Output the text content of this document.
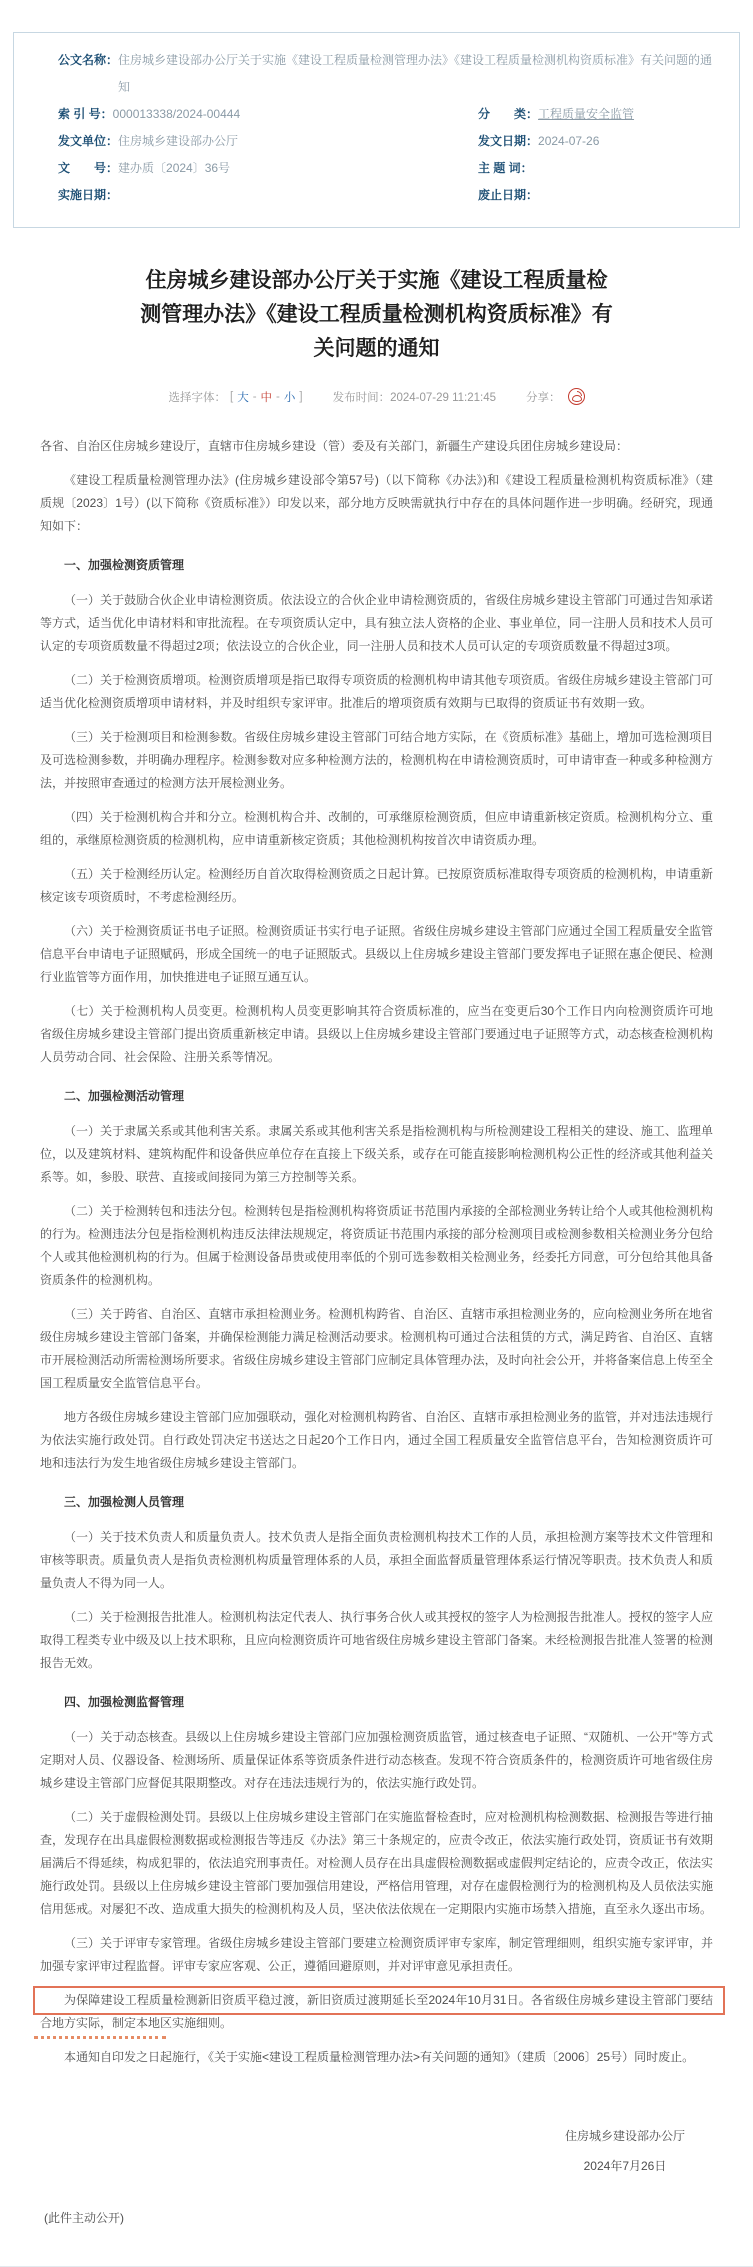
公文名称： 住房城乡建设部办公厅关于实施《建设工程质量检测管理办法》《建设工程质量检测机构资质标准》有关问题的通知
索 引 号： 000013338/2024-00444
发文单位： 住房城乡建设部办公厅
文　　号： 建办质〔2024〕36号
实施日期：
分　　类： 工程质量安全监管
发文日期： 2024-07-26
主 题 词：
废止日期：
住房城乡建设部办公厅关于实施《建设工程质量检测管理办法》《建设工程质量检测机构资质标准》有关问题的通知
选择字体： [ 大 - 中 - 小 ]	发布时间：2024-07-29 11:21:45	分享：

各省、自治区住房城乡建设厅，直辖市住房城乡建设（管）委及有关部门，新疆生产建设兵团住房城乡建设局：

《建设工程质量检测管理办法》(住房城乡建设部令第57号)（以下简称《办法》)和《建设工程质量检测机构资质标准》（建质规〔2023〕1号）(以下简称《资质标准》）印发以来，部分地方反映需就执行中存在的具体问题作进一步明确。经研究，现通知如下：

一、加强检测资质管理

（一）关于鼓励合伙企业申请检测资质。依法设立的合伙企业申请检测资质的，省级住房城乡建设主管部门可通过告知承诺等方式，适当优化申请材料和审批流程。在专项资质认定中，具有独立法人资格的企业、事业单位，同一注册人员和技术人员可认定的专项资质数量不得超过2项；依法设立的合伙企业，同一注册人员和技术人员可认定的专项资质数量不得超过3项。

（二）关于检测资质增项。检测资质增项是指已取得专项资质的检测机构申请其他专项资质。省级住房城乡建设主管部门可适当优化检测资质增项申请材料，并及时组织专家评审。批准后的增项资质有效期与已取得的资质证书有效期一致。

（三）关于检测项目和检测参数。省级住房城乡建设主管部门可结合地方实际，在《资质标准》基础上，增加可选检测项目及可选检测参数，并明确办理程序。检测参数对应多种检测方法的，检测机构在申请检测资质时，可申请审查一种或多种检测方法，并按照审查通过的检测方法开展检测业务。

（四）关于检测机构合并和分立。检测机构合并、改制的，可承继原检测资质，但应申请重新核定资质。检测机构分立、重组的，承继原检测资质的检测机构，应申请重新核定资质；其他检测机构按首次申请资质办理。

（五）关于检测经历认定。检测经历自首次取得检测资质之日起计算。已按原资质标准取得专项资质的检测机构，申请重新核定该专项资质时，不考虑检测经历。

（六）关于检测资质证书电子证照。检测资质证书实行电子证照。省级住房城乡建设主管部门应通过全国工程质量安全监管信息平台申请电子证照赋码，形成全国统一的电子证照版式。县级以上住房城乡建设主管部门要发挥电子证照在惠企便民、检测行业监管等方面作用，加快推进电子证照互通互认。

（七）关于检测机构人员变更。检测机构人员变更影响其符合资质标准的，应当在变更后30个工作日内向检测资质许可地省级住房城乡建设主管部门提出资质重新核定申请。县级以上住房城乡建设主管部门要通过电子证照等方式，动态核查检测机构人员劳动合同、社会保险、注册关系等情况。

二、加强检测活动管理

（一）关于隶属关系或其他利害关系。隶属关系或其他利害关系是指检测机构与所检测建设工程相关的建设、施工、监理单位，以及建筑材料、建筑构配件和设备供应单位存在直接上下级关系，或存在可能直接影响检测机构公正性的经济或其他利益关系等。如，参股、联营、直接或间接同为第三方控制等关系。

（二）关于检测转包和违法分包。检测转包是指检测机构将资质证书范围内承接的全部检测业务转让给个人或其他检测机构的行为。检测违法分包是指检测机构违反法律法规规定，将资质证书范围内承接的部分检测项目或检测参数相关检测业务分包给个人或其他检测机构的行为。但属于检测设备昂贵或使用率低的个别可选参数相关检测业务，经委托方同意，可分包给其他具备资质条件的检测机构。

（三）关于跨省、自治区、直辖市承担检测业务。检测机构跨省、自治区、直辖市承担检测业务的，应向检测业务所在地省级住房城乡建设主管部门备案，并确保检测能力满足检测活动要求。检测机构可通过合法租赁的方式，满足跨省、自治区、直辖市开展检测活动所需检测场所要求。省级住房城乡建设主管部门应制定具体管理办法，及时向社会公开，并将备案信息上传至全国工程质量安全监管信息平台。

地方各级住房城乡建设主管部门应加强联动，强化对检测机构跨省、自治区、直辖市承担检测业务的监管，并对违法违规行为依法实施行政处罚。自行政处罚决定书送达之日起20个工作日内，通过全国工程质量安全监管信息平台，告知检测资质许可地和违法行为发生地省级住房城乡建设主管部门。

三、加强检测人员管理

（一）关于技术负责人和质量负责人。技术负责人是指全面负责检测机构技术工作的人员，承担检测方案等技术文件管理和审核等职责。质量负责人是指负责检测机构质量管理体系的人员，承担全面监督质量管理体系运行情况等职责。技术负责人和质量负责人不得为同一人。

（二）关于检测报告批准人。检测机构法定代表人、执行事务合伙人或其授权的签字人为检测报告批准人。授权的签字人应取得工程类专业中级及以上技术职称，且应向检测资质许可地省级住房城乡建设主管部门备案。未经检测报告批准人签署的检测报告无效。

四、加强检测监督管理

（一）关于动态核查。县级以上住房城乡建设主管部门应加强检测资质监管，通过核查电子证照、“双随机、一公开”等方式定期对人员、仪器设备、检测场所、质量保证体系等资质条件进行动态核查。发现不符合资质条件的，检测资质许可地省级住房城乡建设主管部门应督促其限期整改。对存在违法违规行为的，依法实施行政处罚。

（二）关于虚假检测处罚。县级以上住房城乡建设主管部门在实施监督检查时，应对检测机构检测数据、检测报告等进行抽查，发现存在出具虚假检测数据或检测报告等违反《办法》第三十条规定的，应责令改正，依法实施行政处罚，资质证书有效期届满后不得延续，构成犯罪的，依法追究刑事责任。对检测人员存在出具虚假检测数据或虚假判定结论的，应责令改正，依法实施行政处罚。县级以上住房城乡建设主管部门要加强信用建设，严格信用管理，对存在虚假检测行为的检测机构及人员依法实施信用惩戒。对屡犯不改、造成重大损失的检测机构及人员，坚决依法依规在一定期限内实施市场禁入措施，直至永久逐出市场。

（三）关于评审专家管理。省级住房城乡建设主管部门要建立检测资质评审专家库，制定管理细则，组织实施专家评审，并加强专家评审过程监督。评审专家应客观、公正，遵循回避原则，并对评审意见承担责任。

为保障建设工程质量检测新旧资质平稳过渡，新旧资质过渡期延长至2024年10月31日。各省级住房城乡建设主管部门要结合地方实际，制定本地区实施细则。

本通知自印发之日起施行，《关于实施<建设工程质量检测管理办法>有关问题的通知》（建质〔2006〕25号）同时废止。

住房城乡建设部办公厅
2024年7月26日
(此件主动公开)
